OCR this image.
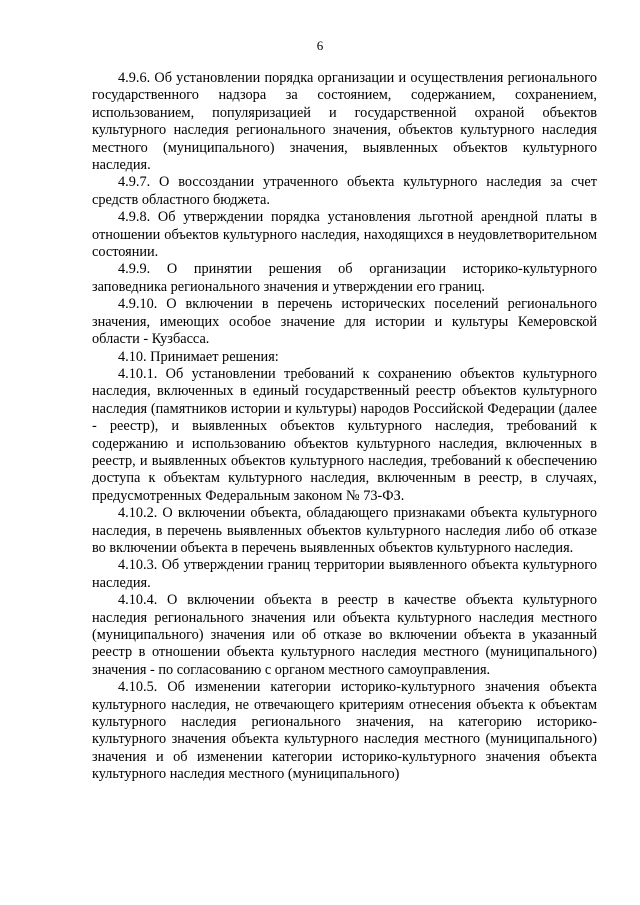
6

4.9.6. Об установлении порядка организации и осуществления регионального государственного надзора за состоянием, содержанием, сохранением, использованием, популяризацией и государственной охраной объектов культурного наследия регионального значения, объектов культурного наследия местного (муниципального) значения, выявленных объектов культурного наследия.

4.9.7. О воссоздании утраченного объекта культурного наследия за счет средств областного бюджета.

4.9.8. Об утверждении порядка установления льготной арендной платы в отношении объектов культурного наследия, находящихся в неудовлетворительном состоянии.

4.9.9. О принятии решения об организации историко-культурного заповедника регионального значения и утверждении его границ.

4.9.10. О включении в перечень исторических поселений регионального значения, имеющих особое значение для истории и культуры Кемеровской области - Кузбасса.

4.10. Принимает решения:

4.10.1. Об установлении требований к сохранению объектов культурного наследия, включенных в единый государственный реестр объектов культурного наследия (памятников истории и культуры) народов Российской Федерации (далее - реестр), и выявленных объектов культурного наследия, требований к содержанию и использованию объектов культурного наследия, включенных в реестр, и выявленных объектов культурного наследия, требований к обеспечению доступа к объектам культурного наследия, включенным в реестр, в случаях, предусмотренных Федеральным законом № 73-ФЗ.

4.10.2. О включении объекта, обладающего признаками объекта культурного наследия, в перечень выявленных объектов культурного наследия либо об отказе во включении объекта в перечень выявленных объектов культурного наследия.

4.10.3. Об утверждении границ территории выявленного объекта культурного наследия.

4.10.4. О включении объекта в реестр в качестве объекта культурного наследия регионального значения или объекта культурного наследия местного (муниципального) значения или об отказе во включении объекта в указанный реестр в отношении объекта культурного наследия местного (муниципального) значения - по согласованию с органом местного самоуправления.

4.10.5. Об изменении категории историко-культурного значения объекта культурного наследия, не отвечающего критериям отнесения объекта к объектам культурного наследия регионального значения, на категорию историко-культурного значения объекта культурного наследия местного (муниципального) значения и об изменении категории историко-культурного значения объекта культурного наследия местного (муниципального)
